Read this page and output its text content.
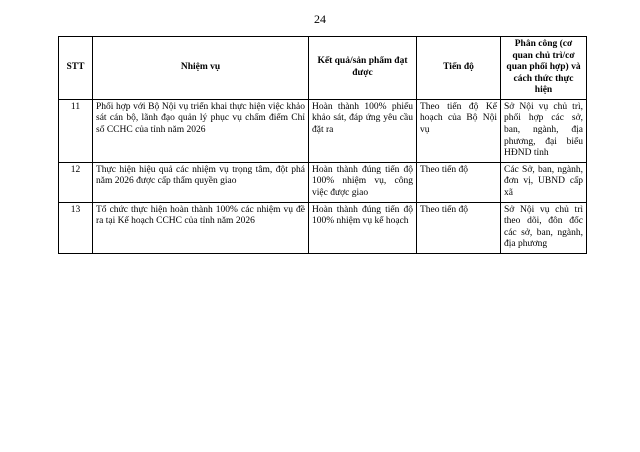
24
STT	Nhiệm vụ	Kết quả/sản phẩm đạt được	Tiến độ	Phân công (cơ quan chủ trì/cơ quan phối hợp) và cách thức thực hiện
11	Phối hợp với Bộ Nội vụ triển khai thực hiện việc khảo sát cán bộ, lãnh đạo quản lý phục vụ chấm điểm Chỉ số CCHC của tỉnh năm 2026	Hoàn thành 100% phiếu khảo sát, đáp ứng yêu cầu đặt ra	Theo tiến độ Kế hoạch của Bộ Nội vụ	Sở Nội vụ chủ trì, phối hợp các sở, ban, ngành, địa phương, đại biểu HĐND tỉnh
12	Thực hiện hiệu quả các nhiệm vụ trọng tâm, đột phá năm 2026 được cấp thẩm quyền giao	Hoàn thành đúng tiến độ 100% nhiệm vụ, công việc được giao	Theo tiến độ	Các Sở, ban, ngành, đơn vị, UBND cấp xã
13	Tổ chức thực hiện hoàn thành 100% các nhiệm vụ đề ra tại Kế hoạch CCHC của tỉnh năm 2026	Hoàn thành đúng tiến độ 100% nhiệm vụ kế hoạch	Theo tiến độ	Sở Nội vụ chủ trì theo dõi, đôn đốc các sở, ban, ngành, địa phương
